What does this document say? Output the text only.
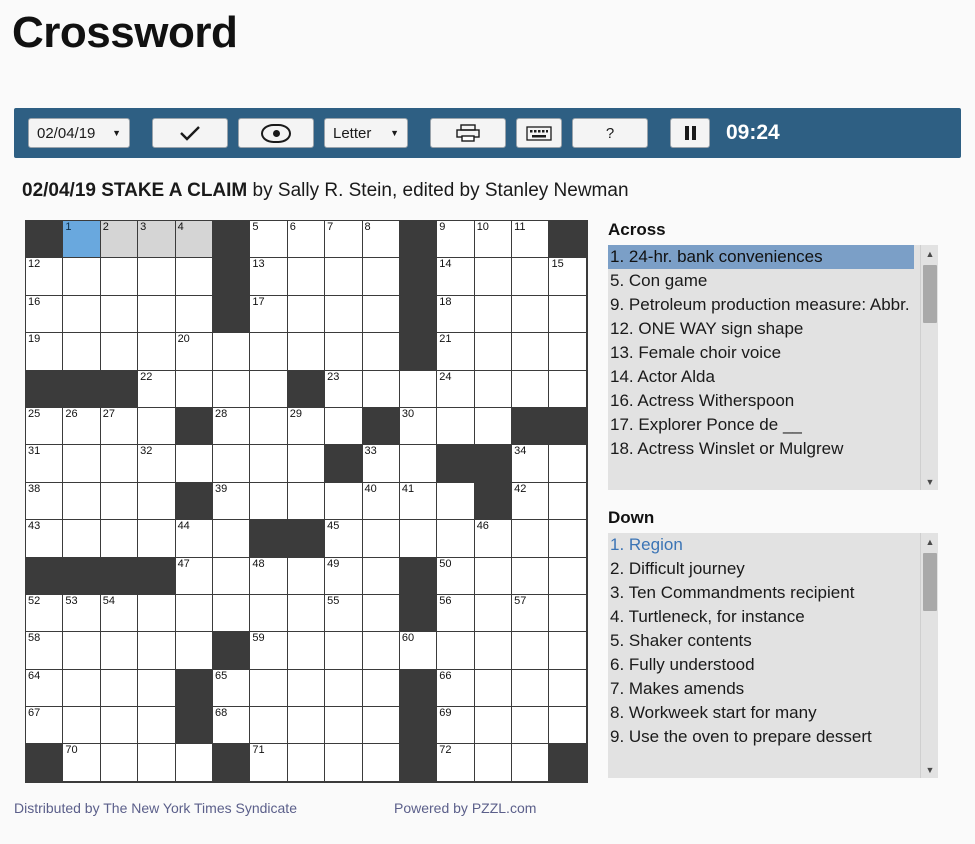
Crossword
02/04/19 ▼	Letter ▼	?	09:24
02/04/19 STAKE A CLAIM by Sally R. Stein, edited by Stanley Newman
1	2	3	4	5	6	7	8	9	10 11
12	13	14	15
16	17	18
19	20	21
22	23	24
25 26 27	28	29	30
31	32	33	34
38	39	40 41	42
43	44	45	46
47	48	49	50
52 53 54	55	56	57
58	59	60
64	65	66
67	68	69
70	71	72
Across
1. 24-hr. bank conveniences
5. Con game
9. Petroleum production measure: Abbr.
12. ONE WAY sign shape
13. Female choir voice
14. Actor Alda
16. Actress Witherspoon
17. Explorer Ponce de __
18. Actress Winslet or Mulgrew
▲
▼
Down
1. Region
2. Difficult journey
3. Ten Commandments recipient
4. Turtleneck, for instance
5. Shaker contents
6. Fully understood
7. Makes amends
8. Workweek start for many
9. Use the oven to prepare dessert
▲
▼
Distributed by The New York Times Syndicate	Powered by PZZL.com
